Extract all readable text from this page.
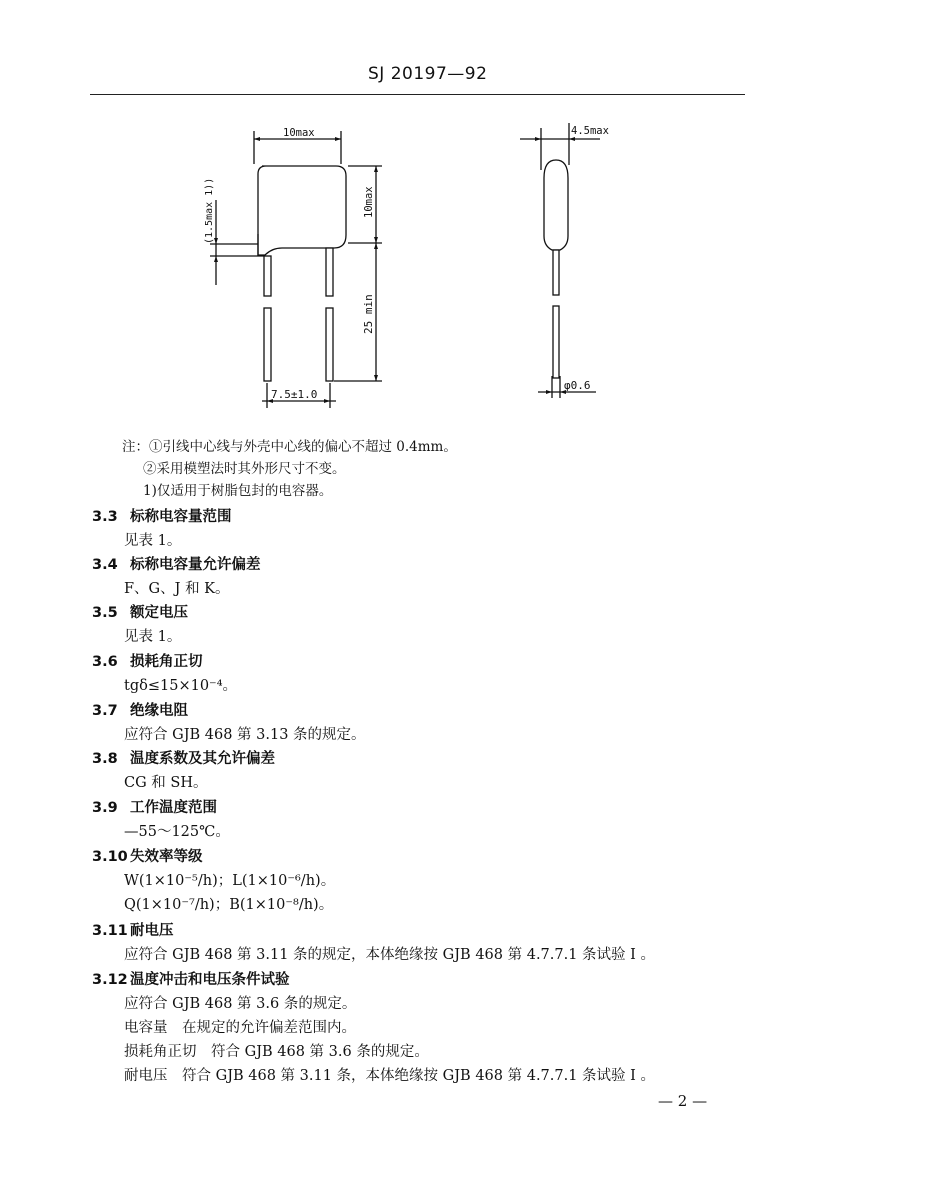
SJ 20197—92
10max
10max
25 min
(1.5max 1))
7.5±1.0
4.5max
φ0.6
注：①引线中心线与外壳中心线的偏心不超过 0.4mm。
②采用模塑法时其外形尺寸不变。
1)仅适用于树脂包封的电容器。
3.3 标称电容量范围
见表 1。
3.4 标称电容量允许偏差
F、G、J 和 K。
3.5 额定电压
见表 1。
3.6 损耗角正切
tgδ≤15×10⁻⁴。
3.7 绝缘电阻
应符合 GJB 468 第 3.13 条的规定。
3.8 温度系数及其允许偏差
CG 和 SH。
3.9 工作温度范围
—55～125℃。
3.10 失效率等级
W(1×10⁻⁵/h)；L(1×10⁻⁶/h)。
Q(1×10⁻⁷/h)；B(1×10⁻⁸/h)。
3.11 耐电压
应符合 GJB 468 第 3.11 条的规定，本体绝缘按 GJB 468 第 4.7.7.1 条试验 Ⅰ 。
3.12 温度冲击和电压条件试验
应符合 GJB 468 第 3.6 条的规定。
电容量　在规定的允许偏差范围内。
损耗角正切　符合 GJB 468 第 3.6 条的规定。
耐电压　符合 GJB 468 第 3.11 条，本体绝缘按 GJB 468 第 4.7.7.1 条试验 Ⅰ 。
— 2 —
